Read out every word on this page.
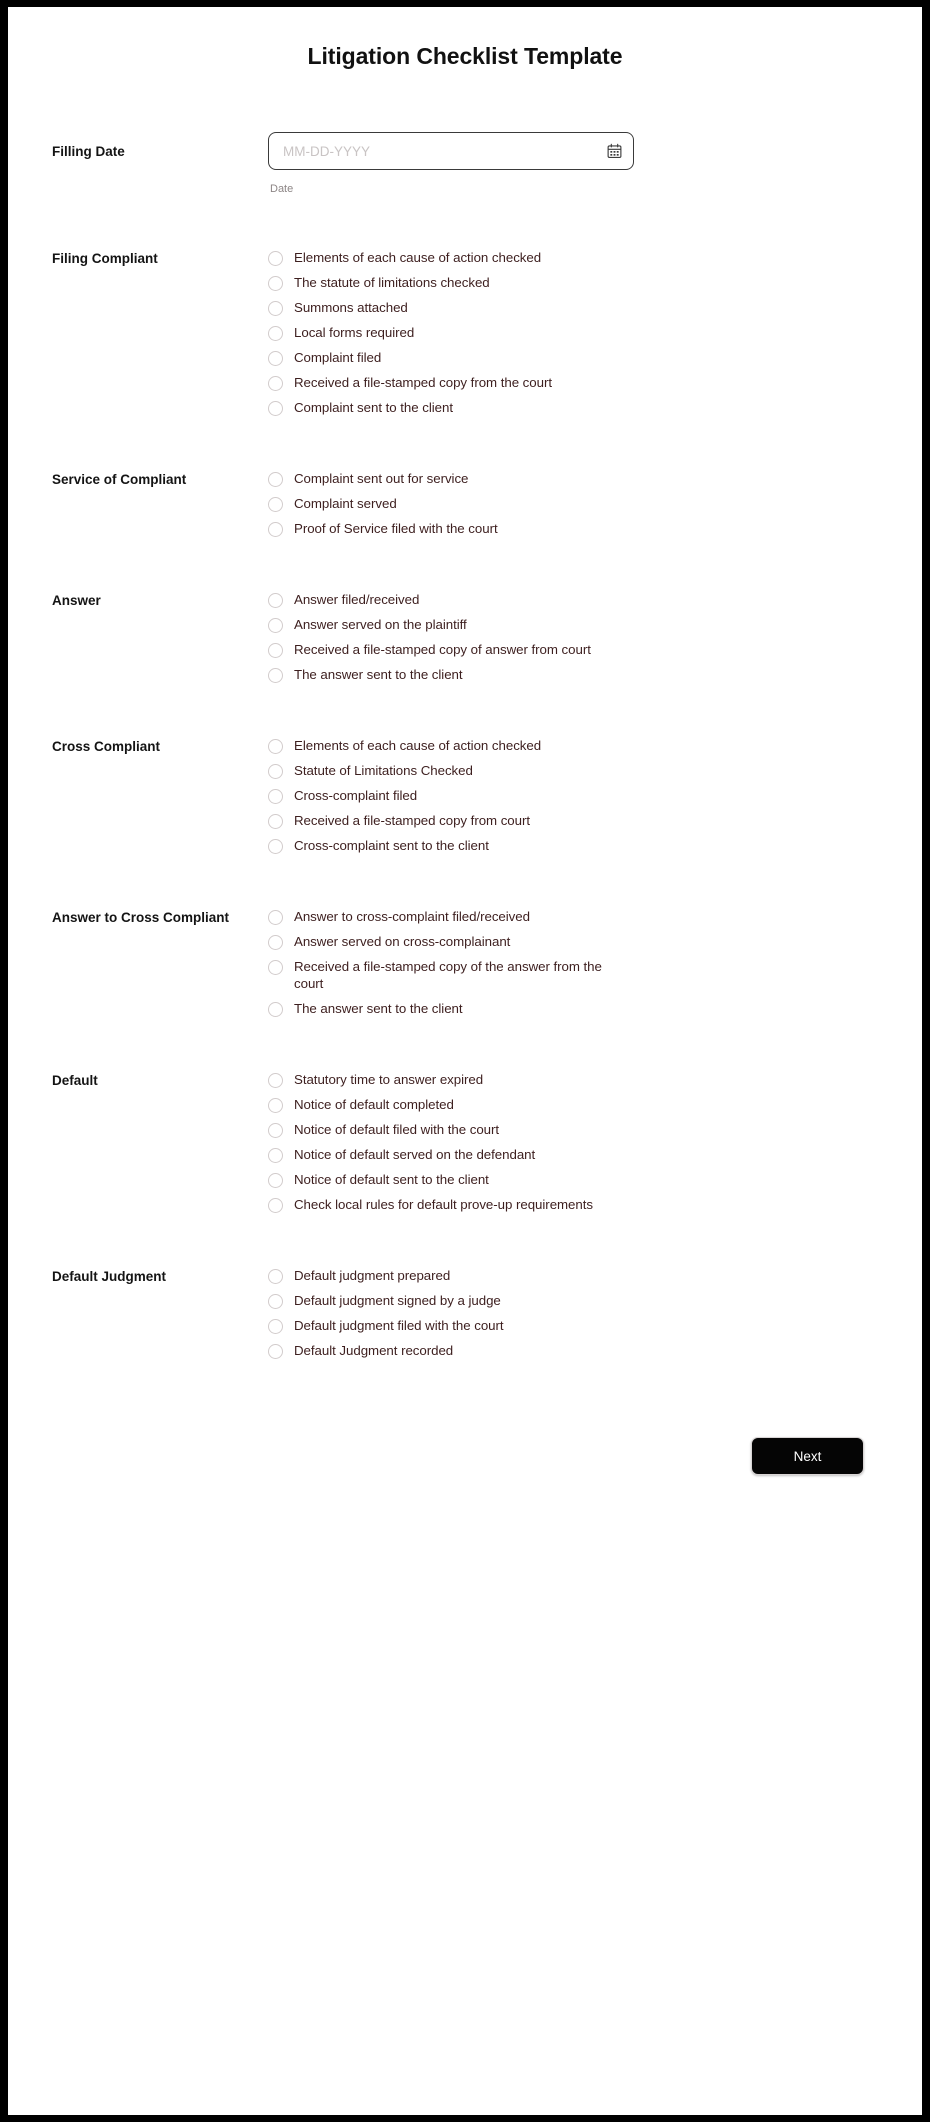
Litigation Checklist Template
Filling Date
MM-DD-YYYY
Date
Filing Compliant	Elements of each cause of action checked
The statute of limitations checked
Summons attached
Local forms required
Complaint filed
Received a file-stamped copy from the court
Complaint sent to the client
Service of Compliant	Complaint sent out for service
Complaint served
Proof of Service filed with the court
Answer	Answer filed/received
Answer served on the plaintiff
Received a file-stamped copy of answer from court
The answer sent to the client
Cross Compliant	Elements of each cause of action checked
Statute of Limitations Checked
Cross-complaint filed
Received a file-stamped copy from court
Cross-complaint sent to the client
Answer to Cross Compliant	Answer to cross-complaint filed/received
Answer served on cross-complainant
Received a file-stamped copy of the answer from the court
The answer sent to the client
Default	Statutory time to answer expired
Notice of default completed
Notice of default filed with the court
Notice of default served on the defendant
Notice of default sent to the client
Check local rules for default prove-up requirements
Default Judgment	Default judgment prepared
Default judgment signed by a judge
Default judgment filed with the court
Default Judgment recorded
Next
